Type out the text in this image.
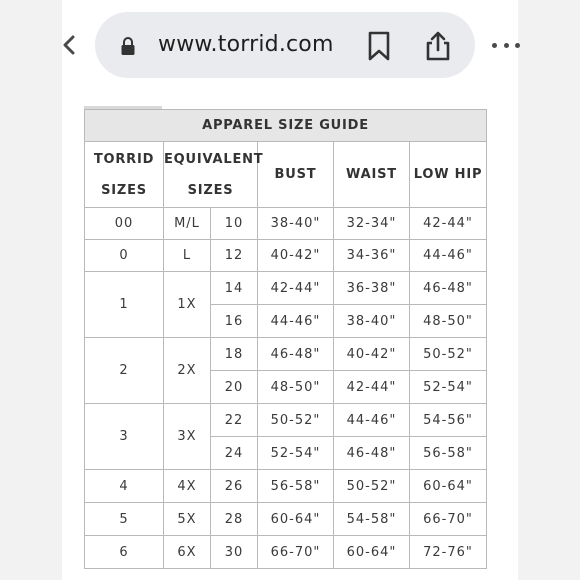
www.torrid.com
APPAREL SIZE GUIDE					
TORRID SIZES	EQUIVALENT SIZES		BUST	WAIST	LOW HIP
00	M/L	10	38-40"	32-34"	42-44"
0	L	12	40-42"	34-36"	44-46"
1	1X	14	42-44"	36-38"	46-48"
		16	44-46"	38-40"	48-50"
2	2X	18	46-48"	40-42"	50-52"
		20	48-50"	42-44"	52-54"
3	3X	22	50-52"	44-46"	54-56"
		24	52-54"	46-48"	56-58"
4	4X	26	56-58"	50-52"	60-64"
5	5X	28	60-64"	54-58"	66-70"
6	6X	30	66-70"	60-64"	72-76"
